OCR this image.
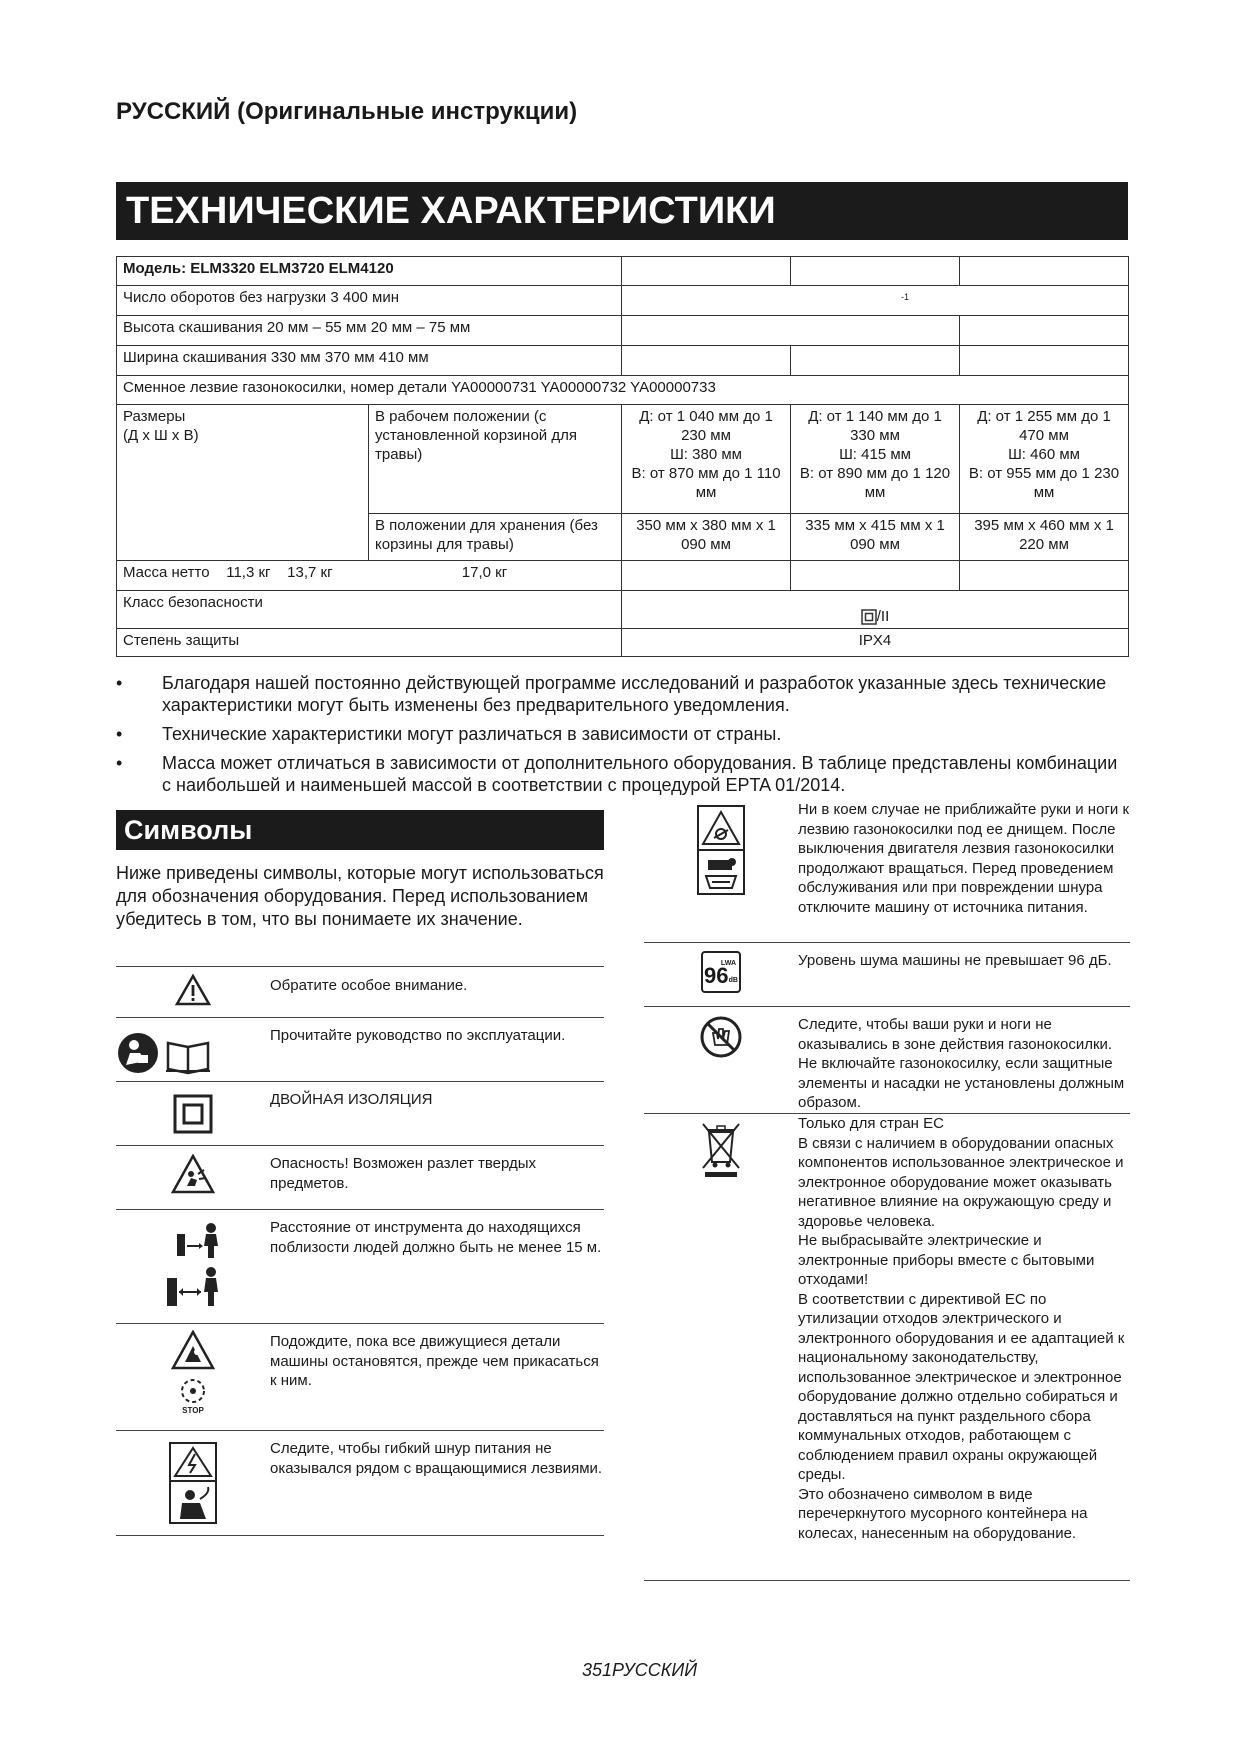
РУССКИЙ (Оригинальные инструкции)
ТЕХНИЧЕСКИЕ ХАРАКТЕРИСТИКИ
Модель: ELM3320 ELM3720 ELM4120				
Число оборотов без нагрузки 3 400 мин		-1		

Высота скашивания 20 мм – 55 мм 20 мм – 75 мм				
Ширина скашивания 330 мм 370 мм 410 мм				
Сменное лезвие газонокосилки, номер детали YA00000731 YA00000732 YA00000733				
Размеры
(Д х Ш х В)	В рабочем положении (с установленной корзиной для травы)	Д: от 1 040 мм до 1 230 мм
Ш: 380 мм
В: от 870 мм до 1 110 мм	Д: от 1 140 мм до 1 330 мм
Ш: 415 мм
В: от 890 мм до 1 120 мм	Д: от 1 255 мм до 1 470 мм
Ш: 460 мм
В: от 955 мм до 1 230 мм
	В положении для хранения (без корзины для травы)	350 мм х 380 мм х 1 090 мм	335 мм х 415 мм х 1 090 мм	395 мм х 460 мм х 1 220 мм
Масса нетто    11,3 кг    13,7 кг                               17,0 кг				
Класс безопасности		/II		
Степень защиты		IPX4		
•	Благодаря нашей постоянно действующей программе исследований и разработок указанные здесь технические характеристики могут быть изменены без предварительного уведомления.
•	Технические характеристики могут различаться в зависимости от страны.
•	Масса может отличаться в зависимости от дополнительного оборудования. В таблице представлены комбинации с наибольшей и наименьшей массой в соответствии с процедурой EPTA 01/2014.
Символы
Ниже приведены символы, которые могут использоваться для обозначения оборудования. Перед использованием убедитесь в том, что вы понимаете их значение.
Обратите особое внимание.
Прочитайте руководство по эксплуатации.
ДВОЙНАЯ ИЗОЛЯЦИЯ
Опасность! Возможен разлет твердых предметов.
Расстояние от инструмента до находящихся поблизости людей должно быть не менее 15 м.
STOP
Подождите, пока все движущиеся детали машины остановятся, прежде чем прикасаться к ним.
Следите, чтобы гибкий шнур питания не оказывался рядом с вращающимися лезвиями.
Ни в коем случае не приближайте руки и ноги к лезвию газонокосилки под ее днищем. После выключения двигателя лезвия газонокосилки продолжают вращаться. Перед проведением обслуживания или при повреждении шнура отключите машину от источника питания.
LWA
96 dB
Уровень шума машины не превышает 96 дБ.
Следите, чтобы ваши руки и ноги не оказывались в зоне действия газонокосилки. Не включайте газонокосилку, если защитные элементы и насадки не установлены должным образом.
Только для стран ЕС
В связи с наличием в оборудовании опасных компонентов использованное электрическое и электронное оборудование может оказывать негативное влияние на окружающую среду и здоровье человека.
Не выбрасывайте электрические и электронные приборы вместе с бытовыми отходами!
В соответствии с директивой ЕС по утилизации отходов электрического и электронного оборудования и ее адаптацией к национальному законодательству, использованное электрическое и электронное оборудование должно отдельно собираться и доставляться на пункт раздельного сбора коммунальных отходов, работающем с соблюдением правил охраны окружающей среды.
Это обозначено символом в виде перечеркнутого мусорного контейнера на колесах, нанесенным на оборудование.
351РУССКИЙ
